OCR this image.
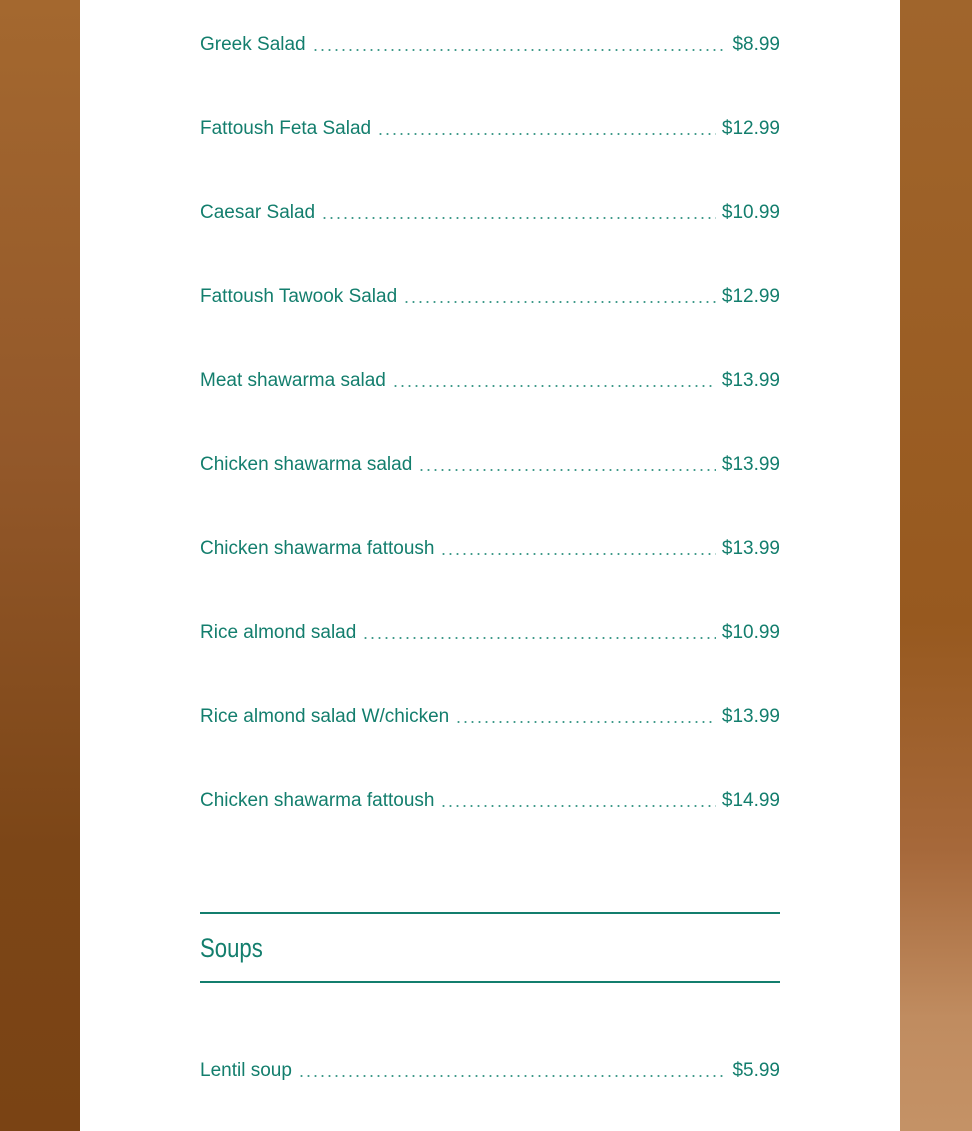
Greek Salad	$8.99
Fattoush Feta Salad	$12.99
Caesar Salad	$10.99
Fattoush Tawook Salad	$12.99
Meat shawarma salad	$13.99
Chicken shawarma salad	$13.99
Chicken shawarma fattoush	$13.99
Rice almond salad	$10.99
Rice almond salad W/chicken	$13.99
Chicken shawarma fattoush	$14.99
Soups
Lentil soup	$5.99
